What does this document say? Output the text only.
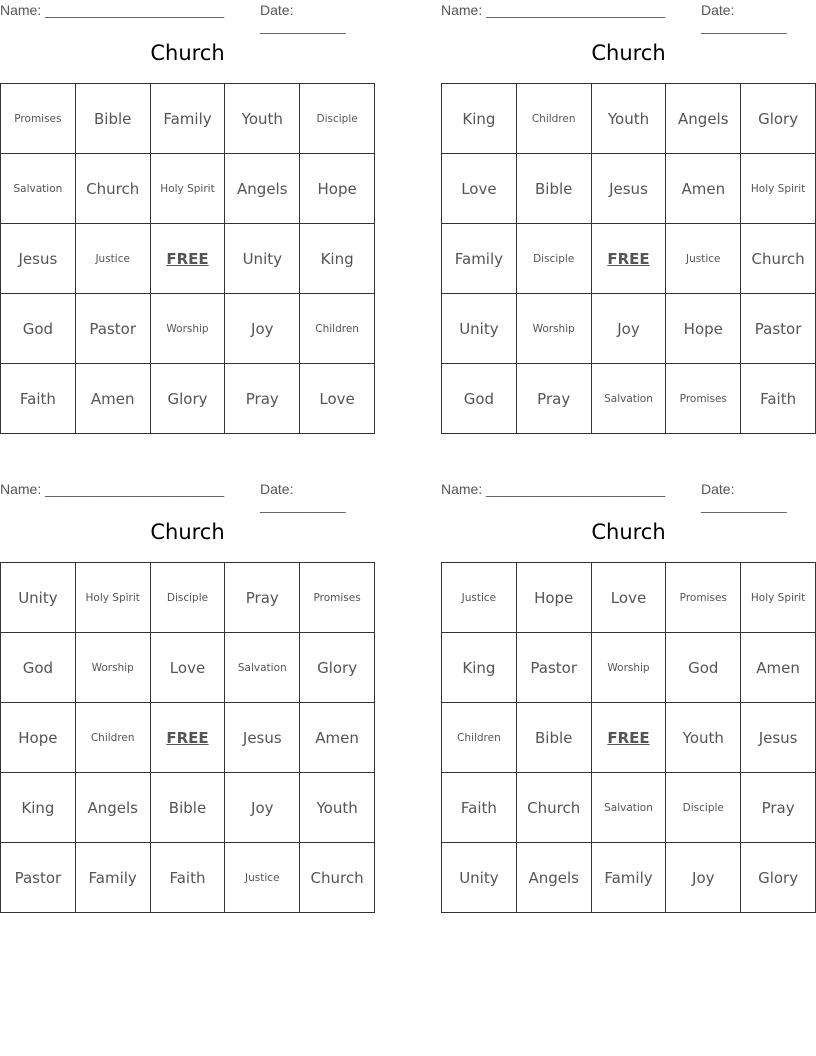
Name: _______________________	Date: ___________
Church
Promises	Bible	Family	Youth	Disciple
Salvation	Church	Holy Spirit	Angels	Hope
Jesus	Justice	FREE	Unity	King
God	Pastor	Worship	Joy	Children
Faith	Amen	Glory	Pray	Love
Name: _______________________	Date: ___________
Church
King	Children	Youth	Angels	Glory
Love	Bible	Jesus	Amen	Holy Spirit
Family	Disciple	FREE	Justice	Church
Unity	Worship	Joy	Hope	Pastor
God	Pray	Salvation	Promises	Faith
Name: _______________________	Date: ___________
Church
Unity	Holy Spirit	Disciple	Pray	Promises
God	Worship	Love	Salvation	Glory
Hope	Children	FREE	Jesus	Amen
King	Angels	Bible	Joy	Youth
Pastor	Family	Faith	Justice	Church
Name: _______________________	Date: ___________
Church
Justice	Hope	Love	Promises	Holy Spirit
King	Pastor	Worship	God	Amen
Children	Bible	FREE	Youth	Jesus
Faith	Church	Salvation	Disciple	Pray
Unity	Angels	Family	Joy	Glory
